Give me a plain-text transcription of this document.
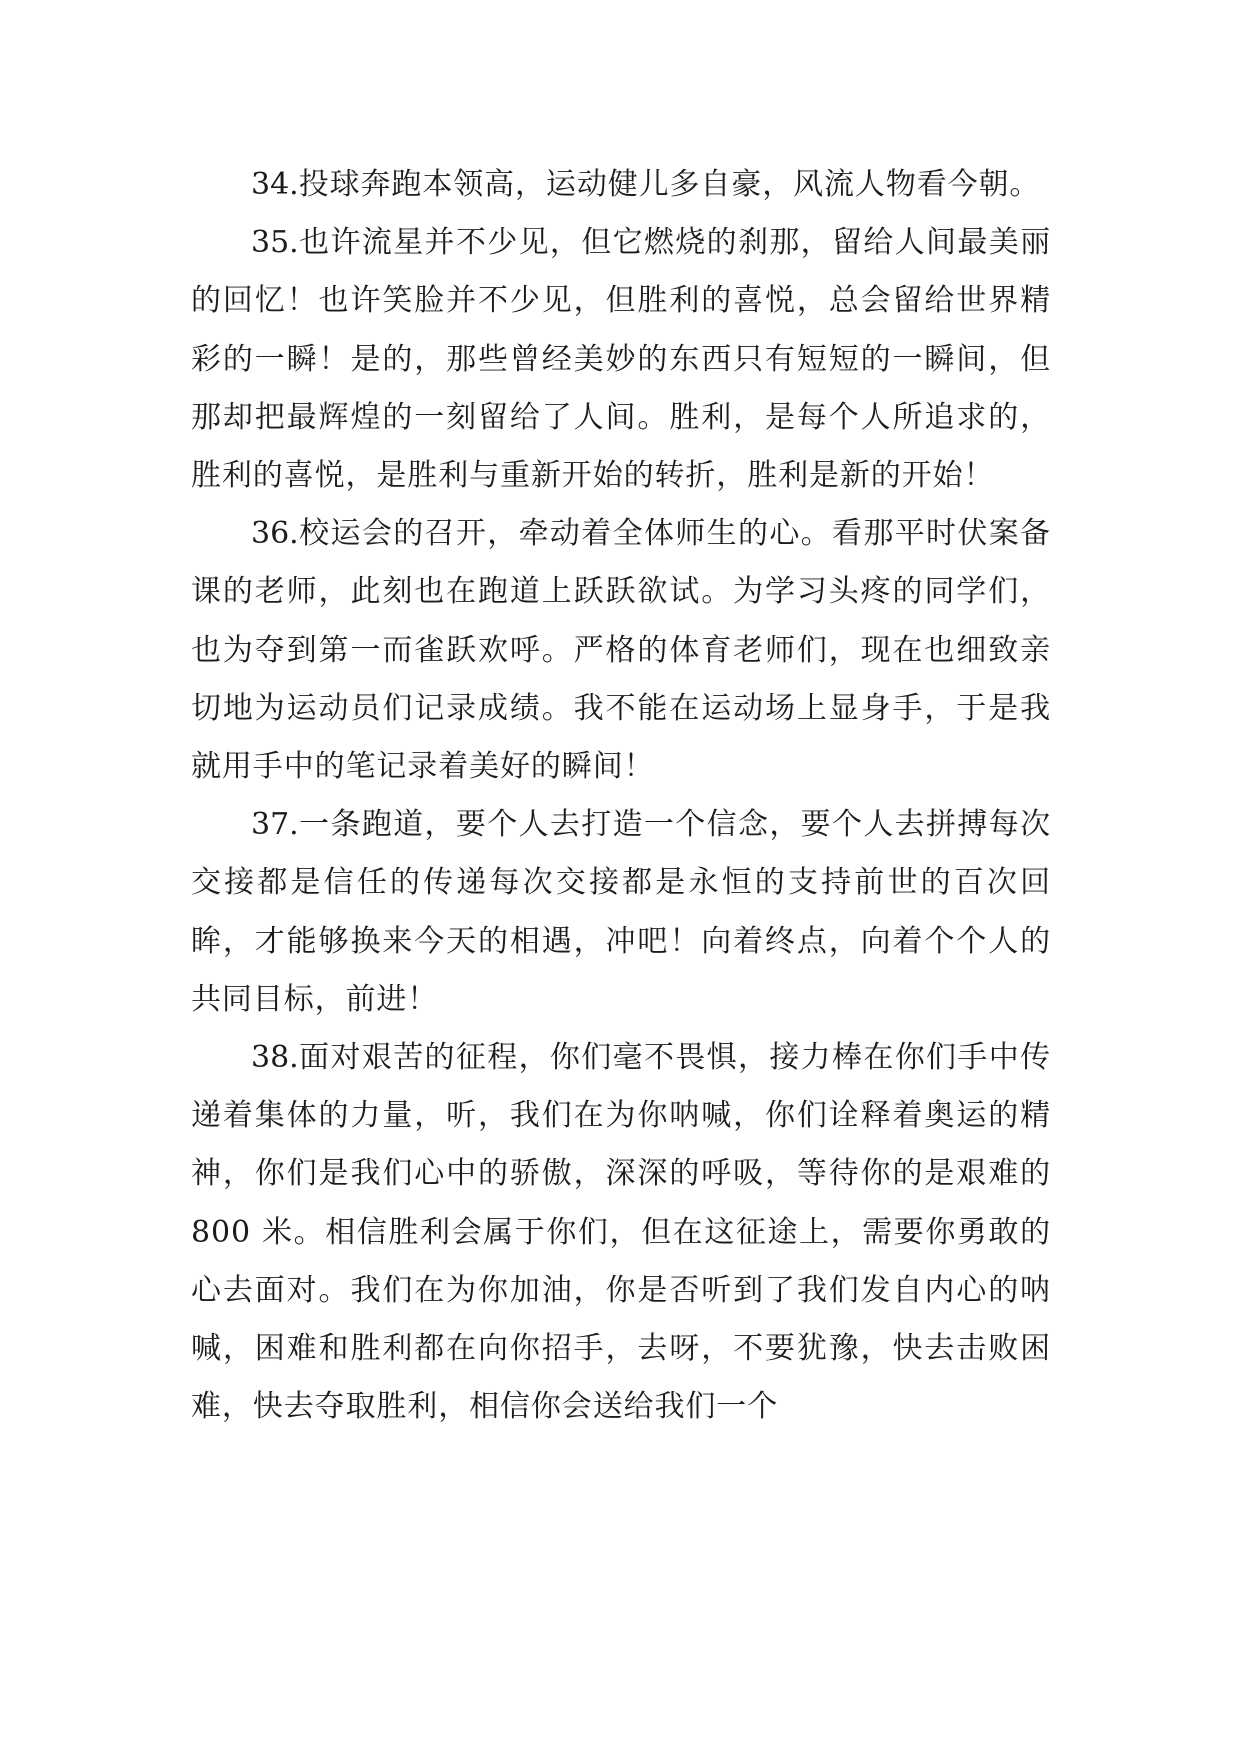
34.投球奔跑本领高，运动健儿多自豪，风流人物看今朝。

35.也许流星并不少见，但它燃烧的刹那，留给人间最美丽的回忆！也许笑脸并不少见，但胜利的喜悦，总会留给世界精彩的一瞬！是的，那些曾经美妙的东西只有短短的一瞬间，但那却把最辉煌的一刻留给了人间。胜利，是每个人所追求的，胜利的喜悦，是胜利与重新开始的转折，胜利是新的开始！

36.校运会的召开，牵动着全体师生的心。看那平时伏案备课的老师，此刻也在跑道上跃跃欲试。为学习头疼的同学们，也为夺到第一而雀跃欢呼。严格的体育老师们，现在也细致亲切地为运动员们记录成绩。我不能在运动场上显身手，于是我就用手中的笔记录着美好的瞬间！

37.一条跑道，要个人去打造一个信念，要个人去拼搏每次交接都是信任的传递每次交接都是永恒的支持前世的百次回眸，才能够换来今天的相遇，冲吧！向着终点，向着个个人的共同目标，前进！

38.面对艰苦的征程，你们毫不畏惧，接力棒在你们手中传递着集体的力量，听，我们在为你呐喊，你们诠释着奥运的精神，你们是我们心中的骄傲，深深的呼吸，等待你的是艰难的 800 米。相信胜利会属于你们，但在这征途上，需要你勇敢的心去面对。我们在为你加油，你是否听到了我们发自内心的呐喊，困难和胜利都在向你招手，去呀，不要犹豫，快去击败困难，快去夺取胜利，相信你会送给我们一个
